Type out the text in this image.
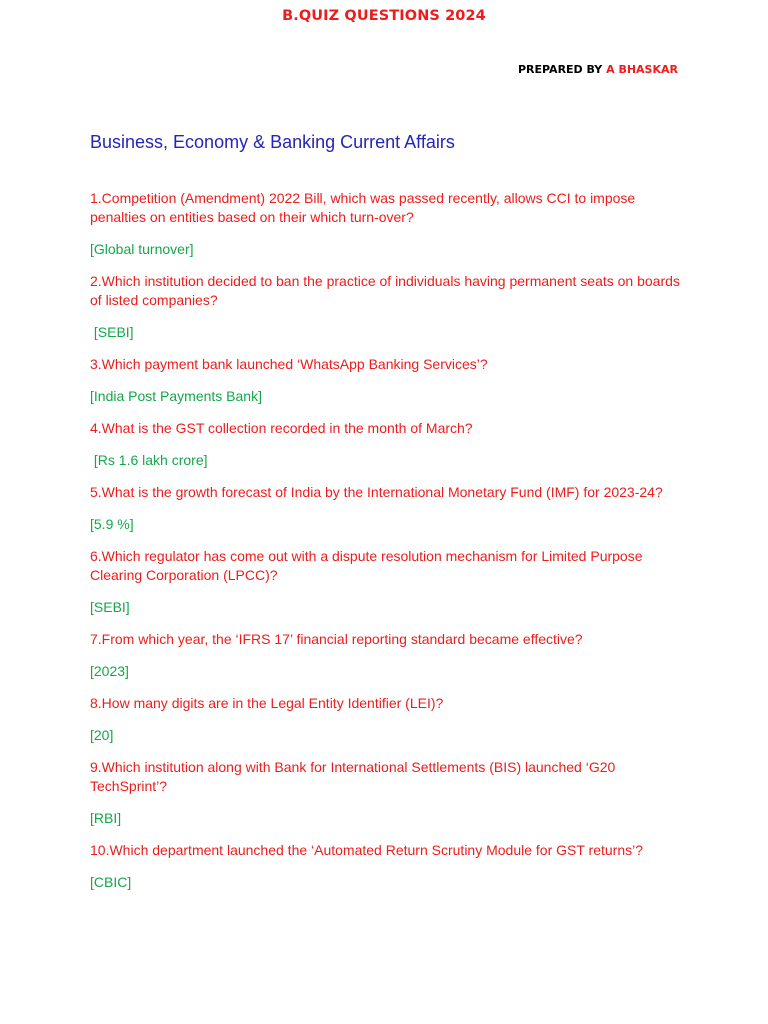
B.QUIZ QUESTIONS 2024
PREPARED BY A BHASKAR
Business, Economy & Banking Current Affairs
1.Competition (Amendment) 2022 Bill, which was passed recently, allows CCI to impose penalties on entities based on their which turn-over?
[Global turnover]
2.Which institution decided to ban the practice of individuals having permanent seats on boards of listed companies?
[SEBI]
3.Which payment bank launched ‘WhatsApp Banking Services’?
[India Post Payments Bank]
4.What is the GST collection recorded in the month of March?
[Rs 1.6 lakh crore]
5.What is the growth forecast of India by the International Monetary Fund (IMF) for 2023-24?
[5.9 %]
6.Which regulator has come out with a dispute resolution mechanism for Limited Purpose Clearing Corporation (LPCC)?
[SEBI]
7.From which year, the ‘IFRS 17’ financial reporting standard became effective?
[2023]
8.How many digits are in the Legal Entity Identifier (LEI)?
[20]
9.Which institution along with Bank for International Settlements (BIS) launched ‘G20 TechSprint’?
[RBI]
10.Which department launched the ‘Automated Return Scrutiny Module for GST returns’?
[CBIC]
